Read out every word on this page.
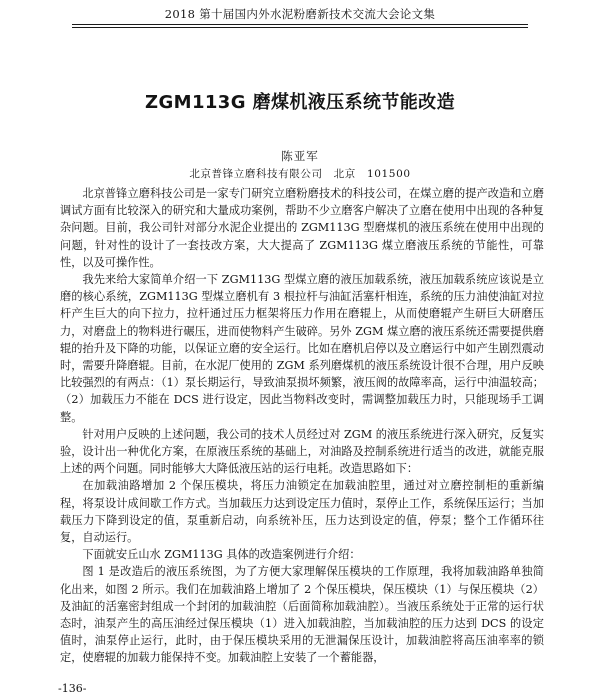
2018 第十届国内外水泥粉磨新技术交流大会论文集
ZGM113G 磨煤机液压系统节能改造
陈亚军
北京普锋立磨科技有限公司　北京　101500

北京普锋立磨科技公司是一家专门研究立磨粉磨技术的科技公司，在煤立磨的提产改造和立磨调试方面有比较深入的研究和大量成功案例，帮助不少立磨客户解决了立磨在使用中出现的各种复杂问题。目前，我公司针对部分水泥企业提出的 ZGM113G 型磨煤机的液压系统在使用中出现的问题，针对性的设计了一套技改方案，大大提高了 ZGM113G 煤立磨液压系统的节能性，可靠性，以及可操作性。

我先来给大家简单介绍一下 ZGM113G 型煤立磨的液压加载系统，液压加载系统应该说是立磨的核心系统，ZGM113G 型煤立磨机有 3 根拉杆与油缸活塞杆相连，系统的压力油使油缸对拉杆产生巨大的向下拉力，拉杆通过压力框架将压力作用在磨辊上，从而使磨辊产生研巨大研磨压力，对磨盘上的物料进行碾压，进而使物料产生破碎。另外 ZGM 煤立磨的液压系统还需要提供磨辊的抬升及下降的功能，以保证立磨的安全运行。比如在磨机启停以及立磨运行中如产生剧烈震动时，需要升降磨辊。目前，在水泥厂使用的 ZGM 系列磨煤机的液压系统设计很不合理，用户反映比较强烈的有两点：（1）泵长期运行，导致油泵损坏频繁，液压阀的故障率高，运行中油温较高；（2）加载压力不能在 DCS 进行设定，因此当物料改变时，需调整加载压力时，只能现场手工调整。

针对用户反映的上述问题，我公司的技术人员经过对 ZGM 的液压系统进行深入研究，反复实验，设计出一种优化方案，在原液压系统的基础上，对油路及控制系统进行适当的改进，就能克服上述的两个问题。同时能够大大降低液压站的运行电耗。改造思路如下：

在加载油路增加 2 个保压模块，将压力油锁定在加载油腔里，通过对立磨控制柜的重新编程，将泵设计成间歇工作方式。当加载压力达到设定压力值时，泵停止工作，系统保压运行；当加载压力下降到设定的值，泵重新启动，向系统补压，压力达到设定的值，停泵；整个工作循环往复，自动运行。

下面就安丘山水 ZGM113G 具体的改造案例进行介绍：

图 1 是改造后的液压系统图，为了方便大家理解保压模块的工作原理，我将加载油路单独简化出来，如图 2 所示。我们在加载油路上增加了 2 个保压模块，保压模块（1）与保压模块（2）及油缸的活塞密封组成一个封闭的加载油腔（后面简称加载油腔）。当液压系统处于正常的运行状态时，油泵产生的高压油经过保压模块（1）进入加载油腔，当加载油腔的压力达到 DCS 的设定值时，油泵停止运行，此时，由于保压模块采用的无泄漏保压设计，加载油腔将高压油率率的锁定，使磨辊的加载力能保持不变。加载油腔上安装了一个蓄能器，

-136-
